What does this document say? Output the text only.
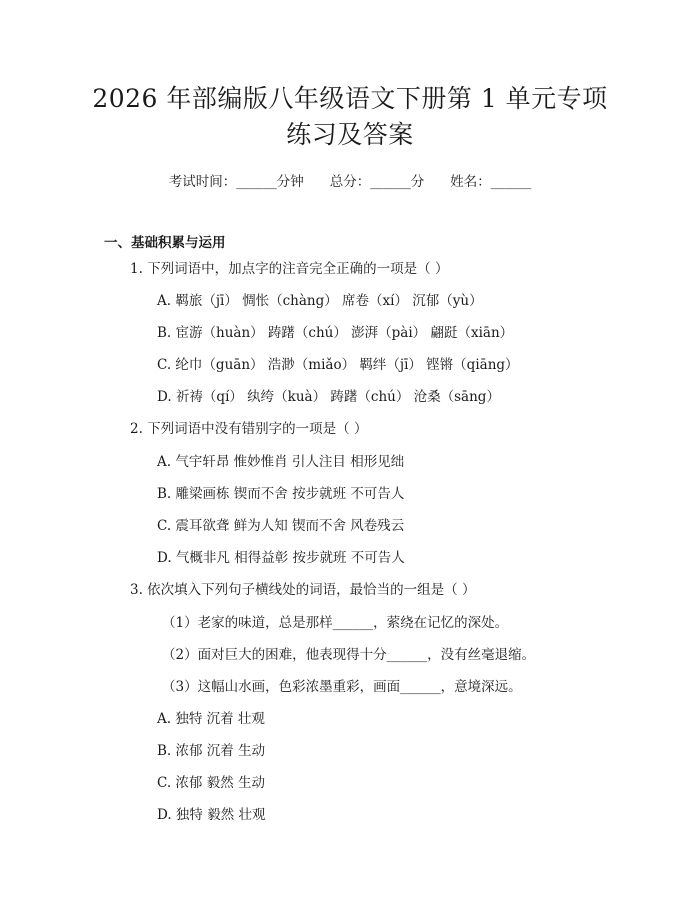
2026 年部编版八年级语文下册第 1 单元专项
练习及答案
考试时间：______分钟 总分：______分 姓名：______
一、基础积累与运用
1. 下列词语中，加点字的注音完全正确的一项是（ ）
A. 羁旅（jī） 惆怅（chàng） 席卷（xí） 沉郁（yù）
B. 宦游（huàn） 踌躇（chú） 澎湃（pài） 翩跹（xiān）
C. 纶巾（guān） 浩渺（miǎo） 羁绊（jī） 铿锵（qiāng）
D. 祈祷（qí） 纨绔（kuà） 踌躇（chú） 沧桑（sāng）
2. 下列词语中没有错别字的一项是（ ）
A. 气宇轩昂 惟妙惟肖 引人注目 相形见绌
B. 雕梁画栋 锲而不舍 按步就班 不可告人
C. 震耳欲聋 鲜为人知 锲而不舍 风卷残云
D. 气概非凡 相得益彰 按步就班 不可告人
3. 依次填入下列句子横线处的词语，最恰当的一组是（ ）
（1）老家的味道，总是那样______，萦绕在记忆的深处。
（2）面对巨大的困难，他表现得十分______，没有丝毫退缩。
（3）这幅山水画，色彩浓墨重彩，画面______，意境深远。
A. 独特 沉着 壮观
B. 浓郁 沉着 生动
C. 浓郁 毅然 生动
D. 独特 毅然 壮观
